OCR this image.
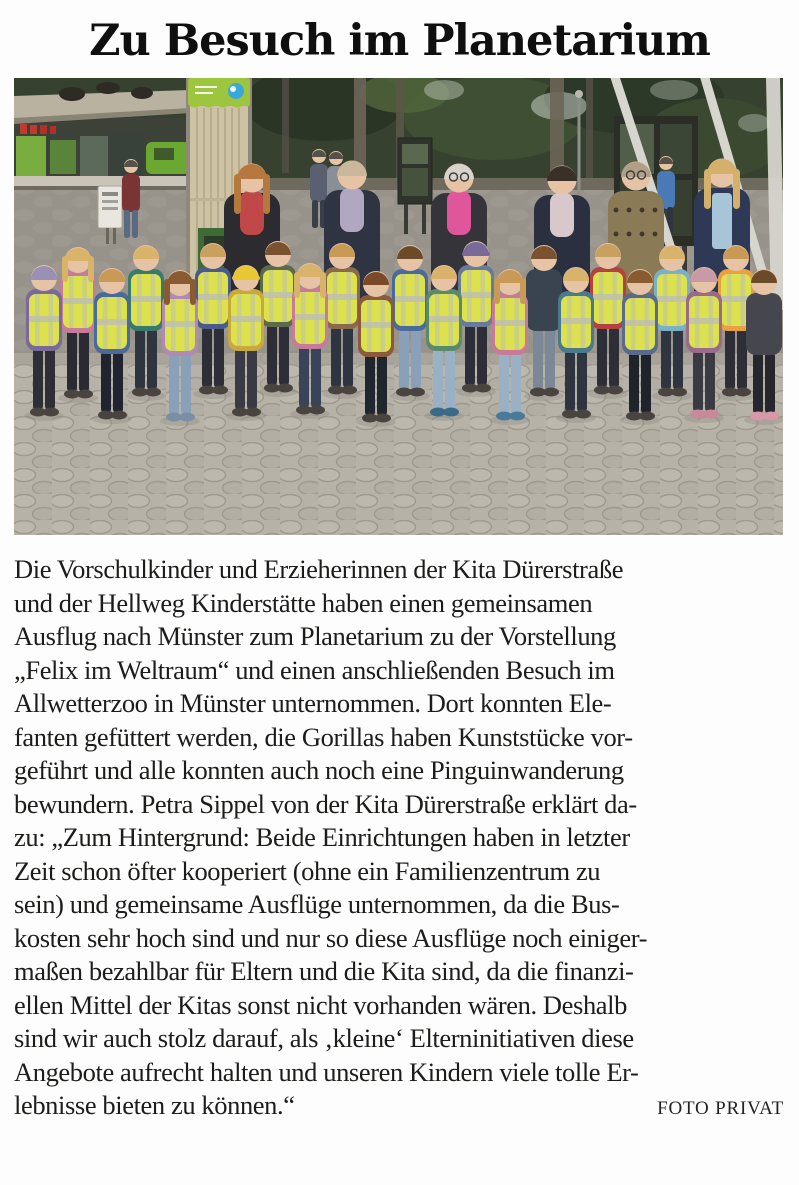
Zu Besuch im Planetarium
Die Vorschulkinder und Erzieherinnen der Kita Dürerstraße
und der Hellweg Kinderstätte haben einen gemeinsamen
Ausflug nach Münster zum Planetarium zu der Vorstellung
„Felix im Weltraum“ und einen anschließenden Besuch im
Allwetterzoo in Münster unternommen. Dort konnten Ele-
fanten gefüttert werden, die Gorillas haben Kunststücke vor-
geführt und alle konnten auch noch eine Pinguinwanderung
bewundern. Petra Sippel von der Kita Dürerstraße erklärt da-
zu: „Zum Hintergrund: Beide Einrichtungen haben in letzter
Zeit schon öfter kooperiert (ohne ein Familienzentrum zu
sein) und gemeinsame Ausflüge unternommen, da die Bus-
kosten sehr hoch sind und nur so diese Ausflüge noch einiger-
maßen bezahlbar für Eltern und die Kita sind, da die finanzi-
ellen Mittel der Kitas sonst nicht vorhanden wären. Deshalb
sind wir auch stolz darauf, als ‚kleine‘ Elterninitiativen diese
Angebote aufrecht halten und unseren Kindern viele tolle Er-
lebnisse bieten zu können.“	FOTO PRIVAT
